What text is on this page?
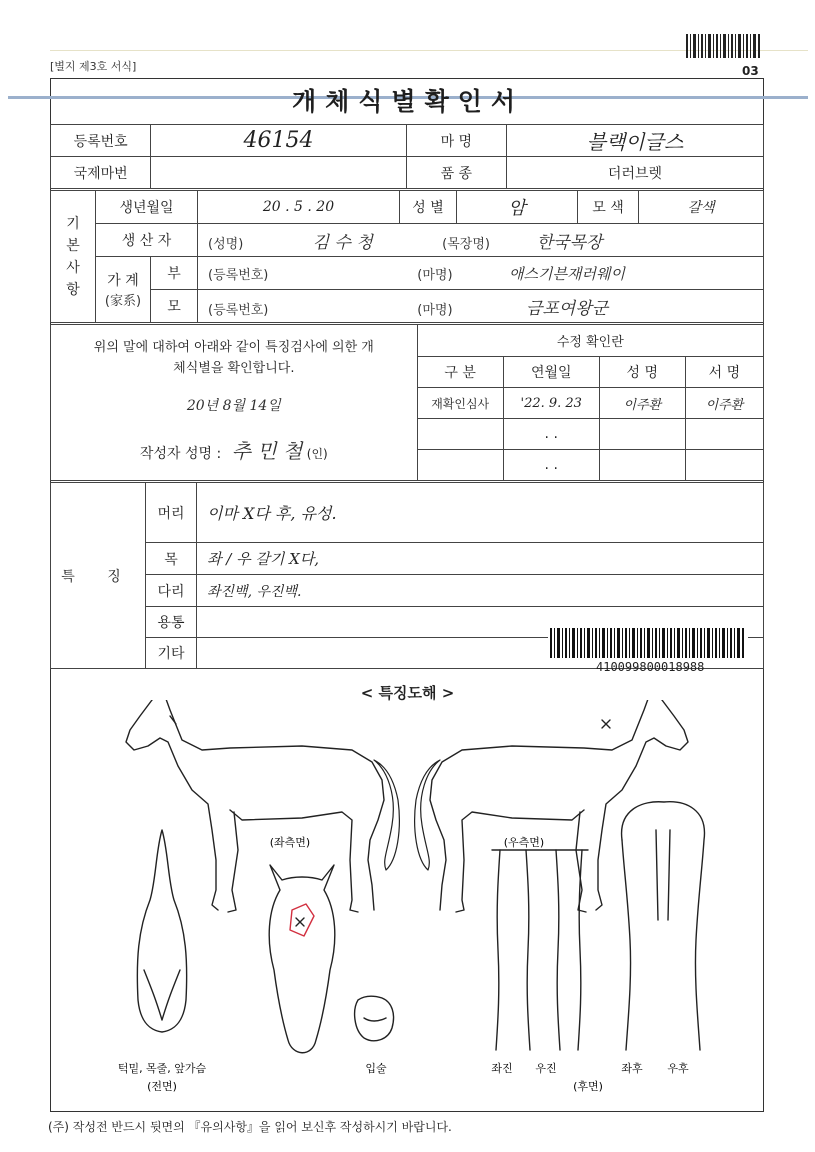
[별지 제3호 서식]	03
개체식별확인서
등록번호	46154	마 명	블랙이글스
국제마번		품 종	더러브렛
기본사항	생년월일		20 . 5 . 20	성 별	암	모 색	갈색
	생 산 자		(성명) 김 수 청 (목장명) 한국목장				

	가 계
(家系)	부	(등록번호) (마명) 애스기븐재러웨이				
		모	(등록번호) (마명) 금포여왕군				
위의 말에 대하여 아래와 같이 특징검사에 의한 개체식별을 확인합니다.
20년 8월 14일
작성자 성명 : 추 민 철 (인)	수정 확인란			
	구 분	연월일	성 명	서 명
	재확인심사	'22. 9. 23	이주환	이주환
		. .		
		. .		
특 징	머리	이마 X다 후, 유성.
	목	좌 / 우 갈기 X다,
	다리	좌진백, 우진백.
	용통	
	기타	
410099800018988
< 특징도해 >
(좌측면)	(우측면)
턱밑, 목줄, 앞가슴
(전면)
입술	좌진 우진	좌후 우후
(후면)
(주) 작성전 반드시 뒷면의 『유의사항』을 읽어 보신후 작성하시기 바랍니다.
